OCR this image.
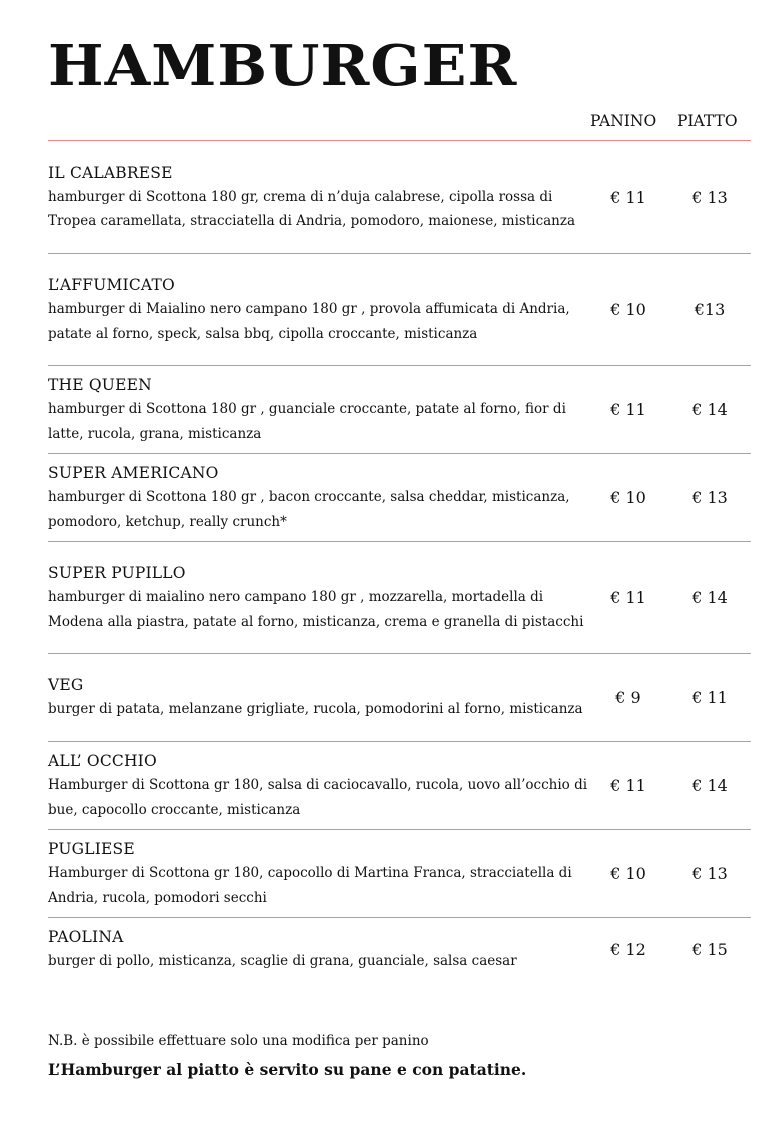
HAMBURGER
PANINO PIATTO
IL CALABRESE
hamburger di Scottona 180 gr, crema di n’duja calabrese, cipolla rossa di Tropea caramellata, stracciatella di Andria, pomodoro, maionese, misticanza
€ 11	€ 13
L’AFFUMICATO
hamburger di Maialino nero campano 180 gr , provola affumicata di Andria, patate al forno, speck, salsa bbq, cipolla croccante, misticanza
€ 10	€13
THE QUEEN
hamburger di Scottona 180 gr , guanciale croccante, patate al forno, fior di latte, rucola, grana, misticanza
€ 11	€ 14
SUPER AMERICANO
hamburger di Scottona 180 gr , bacon croccante, salsa cheddar, misticanza, pomodoro, ketchup, really crunch*
€ 10	€ 13
SUPER PUPILLO
hamburger di maialino nero campano 180 gr , mozzarella, mortadella di Modena alla piastra, patate al forno, misticanza, crema e granella di pistacchi
€ 11	€ 14
VEG
burger di patata, melanzane grigliate, rucola, pomodorini al forno, misticanza
€ 9	€ 11
ALL’ OCCHIO
Hamburger di Scottona gr 180, salsa di caciocavallo, rucola, uovo all’occhio di bue, capocollo croccante, misticanza
€ 11	€ 14
PUGLIESE
Hamburger di Scottona gr 180, capocollo di Martina Franca, stracciatella di Andria, rucola, pomodori secchi
€ 10	€ 13
PAOLINA
burger di pollo, misticanza, scaglie di grana, guanciale, salsa caesar
€ 12	€ 15
N.B. è possibile effettuare solo una modifica per panino
L’Hamburger al piatto è servito su pane e con patatine.
